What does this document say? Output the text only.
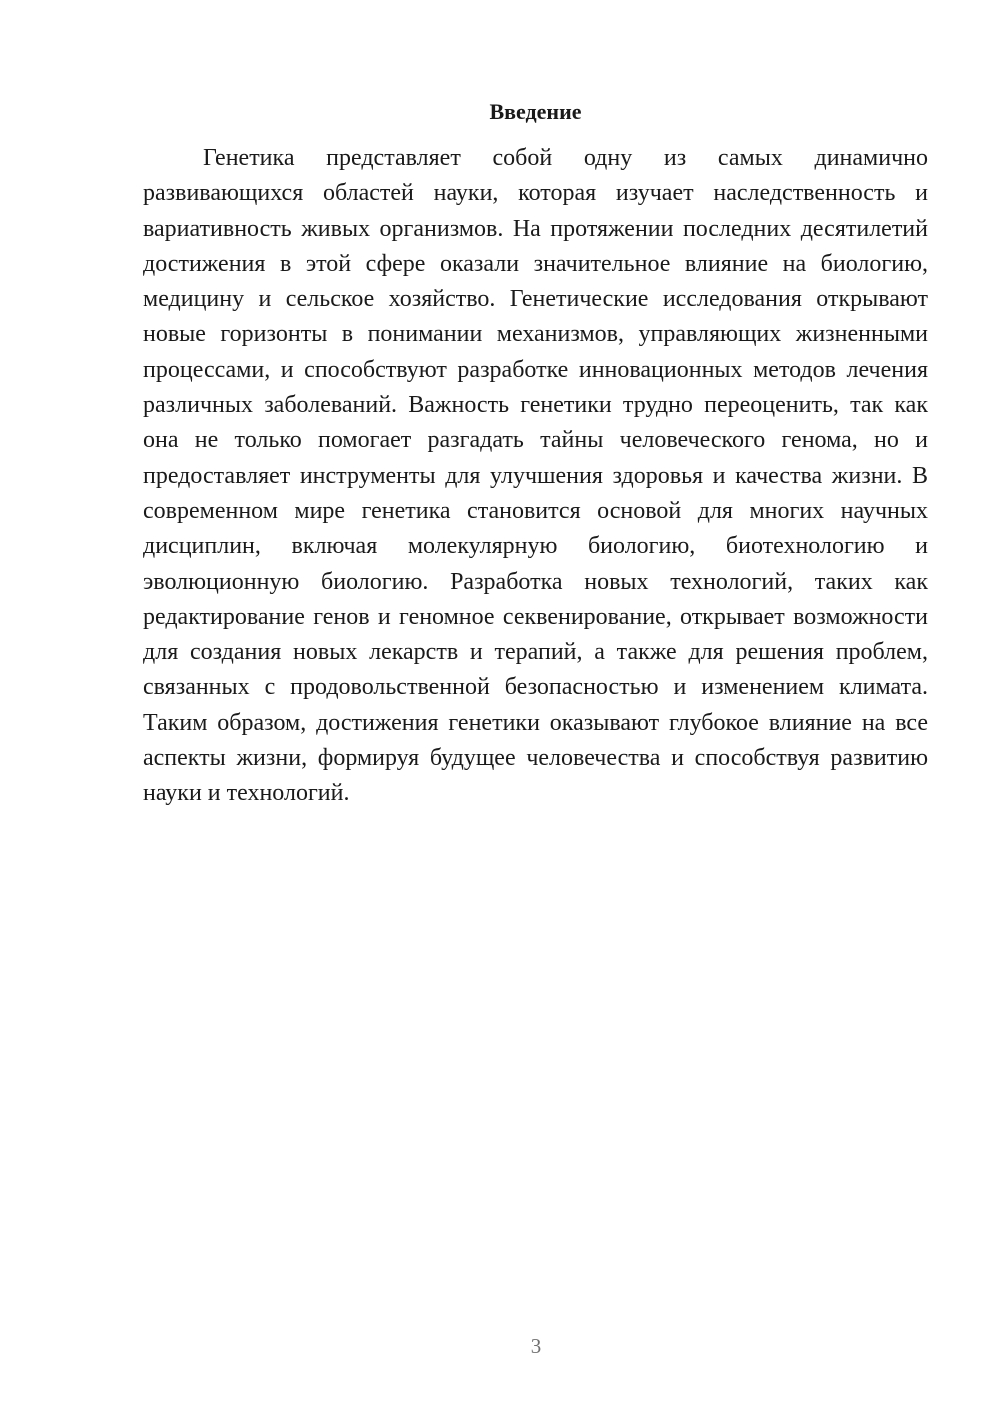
Введение

Генетика представляет собой одну из самых динамично развивающихся областей науки, которая изучает наследственность и вариативность живых организмов. На протяжении последних десятилетий достижения в этой сфере оказали значительное влияние на биологию, медицину и сельское хозяйство. Генетические исследования открывают новые горизонты в понимании механизмов, управляющих жизненными процессами, и способствуют разработке инновационных методов лечения различных заболеваний. Важность генетики трудно переоценить, так как она не только помогает разгадать тайны человеческого генома, но и предоставляет инструменты для улучшения здоровья и качества жизни. В современном мире генетика становится основой для многих научных дисциплин, включая молекулярную биологию, биотехнологию и эволюционную биологию. Разработка новых технологий, таких как редактирование генов и геномное секвенирование, открывает возможности для создания новых лекарств и терапий, а также для решения проблем, связанных с продовольственной безопасностью и изменением климата. Таким образом, достижения генетики оказывают глубокое влияние на все аспекты жизни, формируя будущее человечества и способствуя развитию науки и технологий.

3
